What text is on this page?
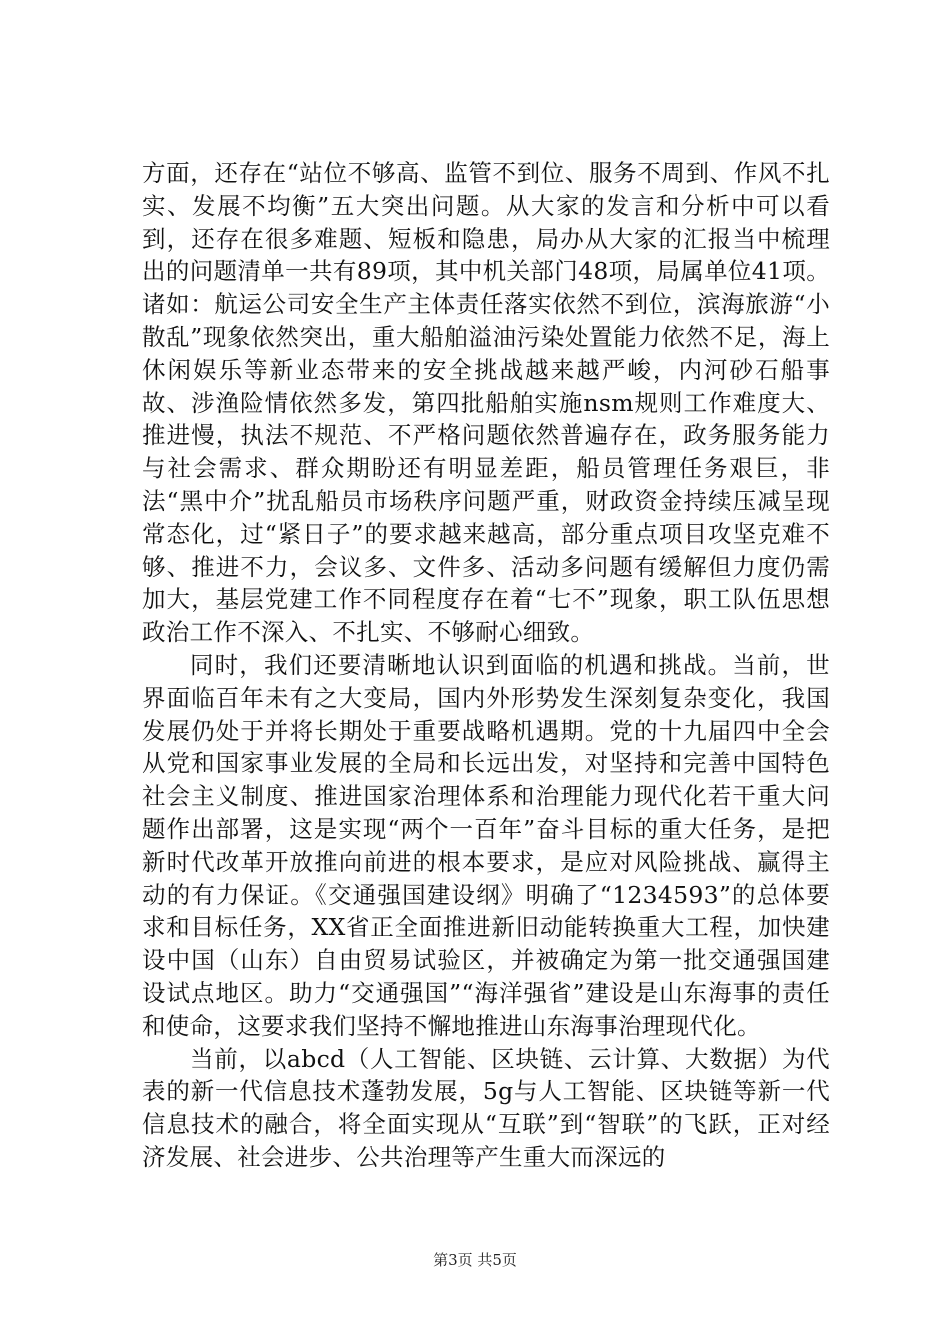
方面，还存在“站位不够高、监管不到位、服务不周到、作风不扎实、发展不均衡”五大突出问题。从大家的发言和分析中可以看到，还存在很多难题、短板和隐患，局办从大家的汇报当中梳理出的问题清单一共有89项，其中机关部门48项，局属单位41项。诸如：航运公司安全生产主体责任落实依然不到位，滨海旅游“小散乱”现象依然突出，重大船舶溢油污染处置能力依然不足，海上休闲娱乐等新业态带来的安全挑战越来越严峻，内河砂石船事故、涉渔险情依然多发，第四批船舶实施nsm规则工作难度大、推进慢，执法不规范、不严格问题依然普遍存在，政务服务能力与社会需求、群众期盼还有明显差距，船员管理任务艰巨，非法“黑中介”扰乱船员市场秩序问题严重，财政资金持续压减呈现常态化，过“紧日子”的要求越来越高，部分重点项目攻坚克难不够、推进不力，会议多、文件多、活动多问题有缓解但力度仍需加大，基层党建工作不同程度存在着“七不”现象，职工队伍思想政治工作不深入、不扎实、不够耐心细致。

同时，我们还要清晰地认识到面临的机遇和挑战。当前，世界面临百年未有之大变局，国内外形势发生深刻复杂变化，我国发展仍处于并将长期处于重要战略机遇期。党的十九届四中全会从党和国家事业发展的全局和长远出发，对坚持和完善中国特色社会主义制度、推进国家治理体系和治理能力现代化若干重大问题作出部署，这是实现“两个一百年”奋斗目标的重大任务，是把新时代改革开放推向前进的根本要求，是应对风险挑战、赢得主动的有力保证。《交通强国建设纲》明确了“1234593”的总体要求和目标任务，XX省正全面推进新旧动能转换重大工程，加快建设中国（山东）自由贸易试验区，并被确定为第一批交通强国建设试点地区。助力“交通强国”“海洋强省”建设是山东海事的责任和使命，这要求我们坚持不懈地推进山东海事治理现代化。

当前，以abcd（人工智能、区块链、云计算、大数据）为代表的新一代信息技术蓬勃发展，5g与人工智能、区块链等新一代信息技术的融合，将全面实现从“互联”到“智联”的飞跃，正对经济发展、社会进步、公共治理等产生重大而深远的

第3页 共5页
